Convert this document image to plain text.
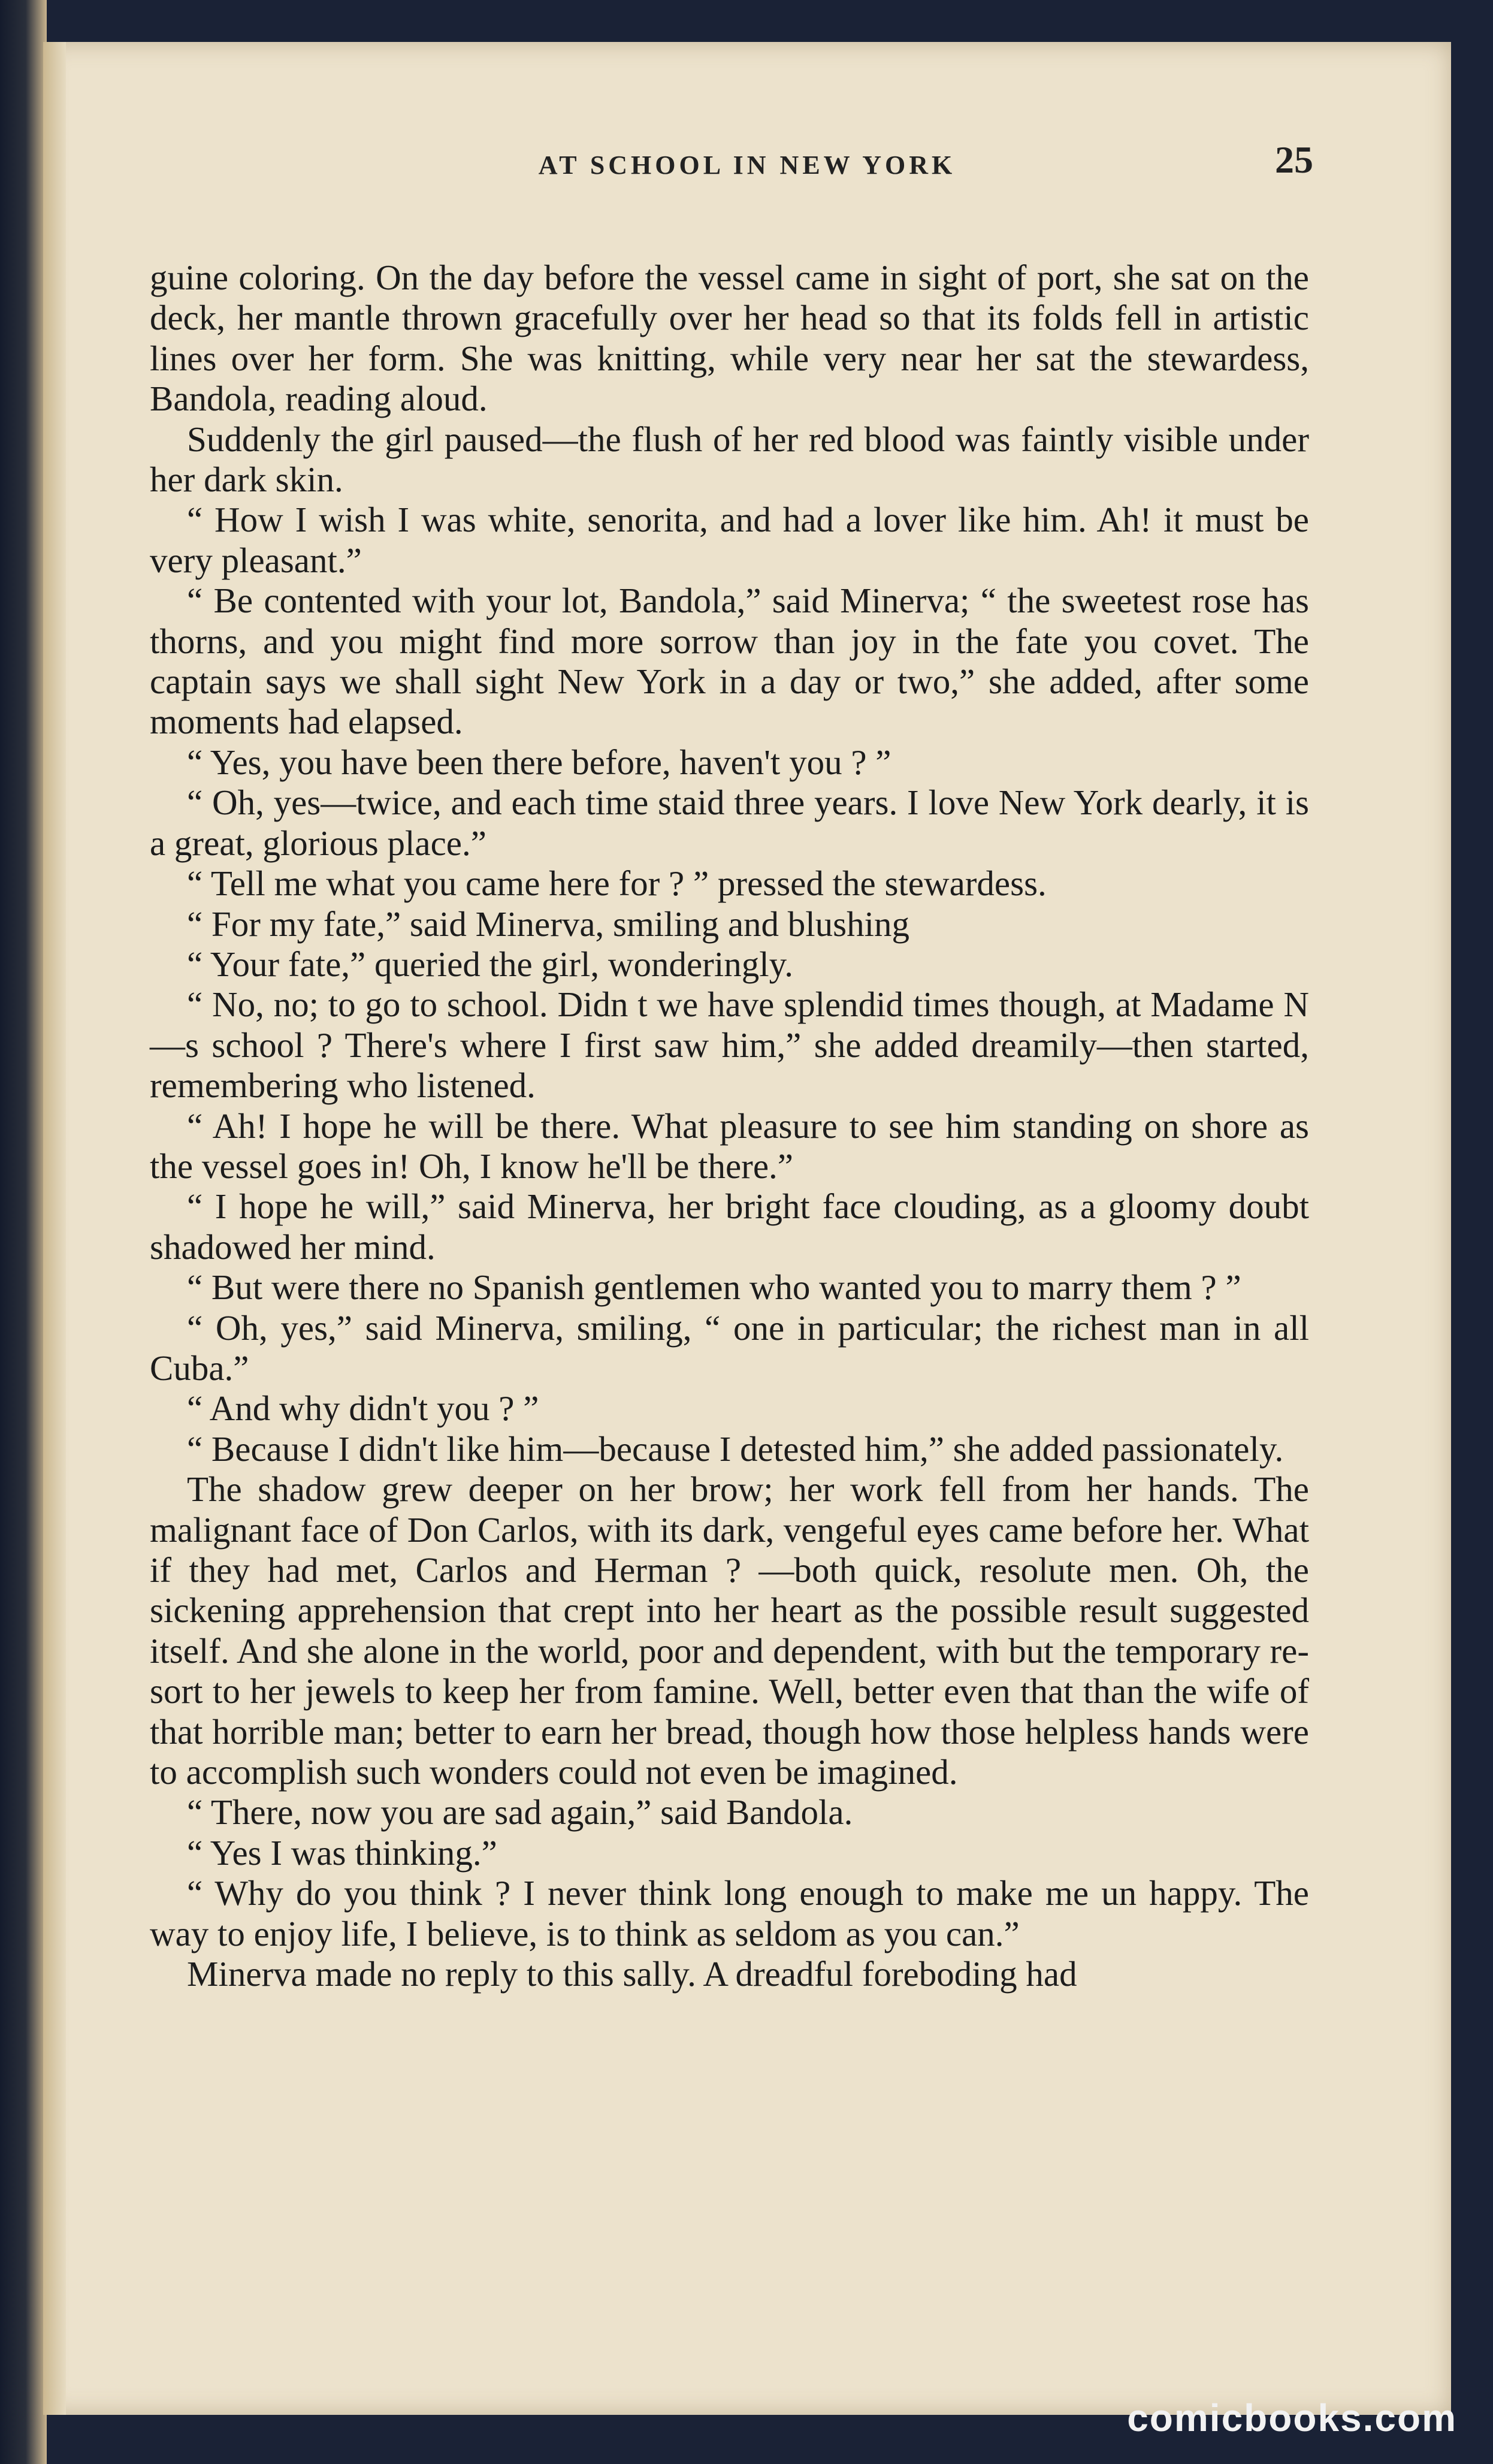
AT SCHOOL IN NEW YORK	25

guine coloring. On the day before the vessel came in sight of port, she sat on the deck, her mantle thrown gracefully over her head so that its folds fell in artistic lines over her form. She was knitting, while very near her sat the stewardess, Bandola, reading aloud.

Suddenly the girl paused—the flush of her red blood was faintly visible under her dark skin.

“ How I wish I was white, senorita, and had a lover like him. Ah! it must be very pleasant.”

“ Be contented with your lot, Bandola,” said Minerva; “ the sweetest rose has thorns, and you might find more sorrow than joy in the fate you covet. The captain says we shall sight New York in a day or two,” she added, after some moments had elapsed.

“ Yes, you have been there before, haven't you ? ”

“ Oh, yes—twice, and each time staid three years. I love New York dearly, it is a great, glorious place.”

“ Tell me what you came here for ? ” pressed the stewardess.

“ For my fate,” said Minerva, smiling and blushing

“ Your fate,” queried the girl, wonderingly.

“ No, no; to go to school. Didn t we have splendid times though, at Madame N—s school ? There's where I first saw him,” she added dreamily—then started, remembering who listened.

“ Ah! I hope he will be there. What pleasure to see him standing on shore as the vessel goes in! Oh, I know he'll be there.”

“ I hope he will,” said Minerva, her bright face clouding, as a gloomy doubt shadowed her mind.

“ But were there no Spanish gentlemen who wanted you to marry them ? ”

“ Oh, yes,” said Minerva, smiling, “ one in particular; the richest man in all Cuba.”

“ And why didn't you ? ”

“ Because I didn't like him—because I detested him,” she added passionately.

The shadow grew deeper on her brow; her work fell from her hands. The malignant face of Don Carlos, with its dark, vengeful eyes came before her. What if they had met, Carlos and Herman ? —both quick, resolute men. Oh, the sickening apprehension that crept into her heart as the possible result suggested itself. And she alone in the world, poor and dependent, with but the temporary re- sort to her jewels to keep her from famine. Well, better even that than the wife of that horrible man; better to earn her bread, though how those helpless hands were to accomplish such wonders could not even be imagined.

“ There, now you are sad again,” said Bandola.

“ Yes I was thinking.”

“ Why do you think ? I never think long enough to make me un happy. The way to enjoy life, I believe, is to think as seldom as you can.”

Minerva made no reply to this sally. A dreadful foreboding had

comicbooks.com
